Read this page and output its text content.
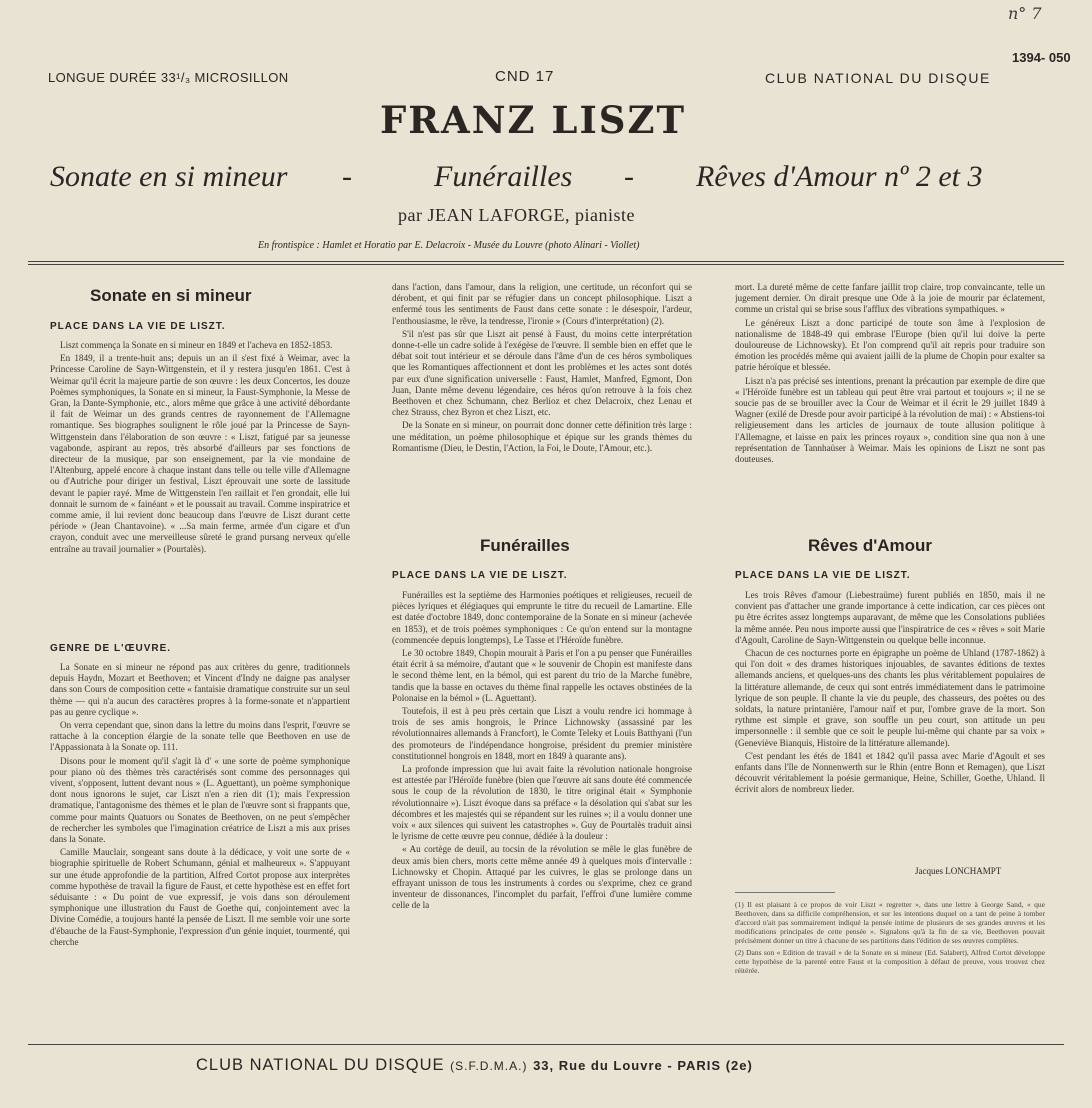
n° 7
1394- 050
LONGUE DURÉE 33¹/₃ MICROSILLON	CND 17	CLUB NATIONAL DU DISQUE
FRANZ LISZT
Sonate en si mineur -	Funérailles - Rêves d'Amour nº 2 et 3
par JEAN LAFORGE, pianiste
En frontispice : Hamlet et Horatio par E. Delacroix - Musée du Louvre (photo Alinari - Viollet)
Sonate en si mineur
PLACE DANS LA VIE DE LISZT.

Liszt commença la Sonate en si mineur en 1849 et l'acheva en 1852-1853.

En 1849, il a trente-huit ans; depuis un an il s'est fixé à Weimar, avec la Princesse Caroline de Sayn-Wittgenstein, et il y restera jusqu'en 1861. C'est à Weimar qu'il écrit la majeure partie de son œuvre : les deux Concertos, les douze Poèmes symphoniques, la Sonate en si mineur, la Faust-Symphonie, la Messe de Gran, la Dante-Symphonie, etc., alors même que grâce à une activité débordante il fait de Weimar un des grands centres de rayonnement de l'Allemagne romantique. Ses biographes soulignent le rôle joué par la Princesse de Sayn-Wittgenstein dans l'élaboration de son œuvre : « Liszt, fatigué par sa jeunesse vagabonde, aspirant au repos, très absorbé d'ailleurs par ses fonctions de directeur de la musique, par son enseignement, par la vie mondaine de l'Altenburg, appelé encore à chaque instant dans telle ou telle ville d'Allemagne ou d'Autriche pour diriger un festival, Liszt éprouvait une sorte de lassitude devant le papier rayé. Mme de Wittgenstein l'en raillait et l'en grondait, elle lui donnait le surnom de « fainéant » et le poussait au travail. Comme inspiratrice et comme amie, il lui revient donc beaucoup dans l'œuvre de Liszt durant cette période » (Jean Chantavoine). « ...Sa main ferme, armée d'un cigare et d'un crayon, conduit avec une merveilleuse sûreté le grand pursang nerveux qu'elle entraîne au travail journalier » (Pourtalès).

GENRE DE L'ŒUVRE.

La Sonate en si mineur ne répond pas aux critères du genre, traditionnels depuis Haydn, Mozart et Beethoven; et Vincent d'Indy ne daigne pas analyser dans son Cours de composition cette « fantaisie dramatique construite sur un seul thème — qui n'a aucun des caractères propres à la forme-sonate et n'appartient pas au genre cyclique ».

On verra cependant que, sinon dans la lettre du moins dans l'esprit, l'œuvre se rattache à la conception élargie de la sonate telle que Beethoven en use de l'Appassionata à la Sonate op. 111.

Disons pour le moment qu'il s'agit là d' « une sorte de poème symphonique pour piano où des thèmes très caractérisés sont comme des personnages qui vivent, s'opposent, luttent devant nous » (L. Aguettant), un poème symphonique dont nous ignorons le sujet, car Liszt n'en a rien dit (1); mais l'expression dramatique, l'antagonisme des thèmes et le plan de l'œuvre sont si frappants que, comme pour maints Quatuors ou Sonates de Beethoven, on ne peut s'empêcher de rechercher les symboles que l'imagination créatrice de Liszt a mis aux prises dans la Sonate.

Camille Mauclair, songeant sans doute à la dédicace, y voit une sorte de « biographie spirituelle de Robert Schumann, génial et malheureux ». S'appuyant sur une étude approfondie de la partition, Alfred Cortot propose aux interprètes comme hypothèse de travail la figure de Faust, et cette hypothèse est en effet fort séduisante : « Du point de vue expressif, je vois dans son déroulement symphonique une illustration du Faust de Goethe qui, conjointement avec la Divine Comédie, a toujours hanté la pensée de Liszt. Il me semble voir une sorte d'ébauche de la Faust-Symphonie, l'expression d'un génie inquiet, tourmenté, qui cherche

dans l'action, dans l'amour, dans la religion, une certitude, un réconfort qui se dérobent, et qui finit par se réfugier dans un concept philosophique. Liszt a enfermé tous les sentiments de Faust dans cette sonate : le désespoir, l'ardeur, l'enthousiasme, le rêve, la tendresse, l'ironie » (Cours d'interprétation) (2).

S'il n'est pas sûr que Liszt ait pensé à Faust, du moins cette interprétation donne-t-elle un cadre solide à l'exégèse de l'œuvre. Il semble bien en effet que le débat soit tout intérieur et se déroule dans l'âme d'un de ces héros symboliques que les Romantiques affectionnent et dont les problèmes et les actes sont dotés par eux d'une signification universelle : Faust, Hamlet, Manfred, Egmont, Don Juan, Dante même devenu légendaire, ces héros qu'on retrouve à la fois chez Beethoven et chez Schumann, chez Berlioz et chez Delacroix, chez Lenau et chez Strauss, chez Byron et chez Liszt, etc.

De la Sonate en si mineur, on pourrait donc donner cette définition très large : une méditation, un poème philosophique et épique sur les grands thèmes du Romantisme (Dieu, le Destin, l'Action, la Foi, le Doute, l'Amour, etc.).

Funérailles
PLACE DANS LA VIE DE LISZT.

Funérailles est la septième des Harmonies poétiques et religieuses, recueil de pièces lyriques et élégiaques qui emprunte le titre du recueil de Lamartine. Elle est datée d'octobre 1849, donc contemporaine de la Sonate en si mineur (achevée en 1853), et de trois poèmes symphoniques : Ce qu'on entend sur la montagne (commencée depuis longtemps), Le Tasse et l'Héroïde funèbre.

Le 30 octobre 1849, Chopin mourait à Paris et l'on a pu penser que Funérailles était écrit à sa mémoire, d'autant que « le souvenir de Chopin est manifeste dans le second thème lent, en la bémol, qui est parent du trio de la Marche funèbre, tandis que la basse en octaves du thème final rappelle les octaves obstinées de la Polonaise en la bémol » (L. Aguettant).

Toutefois, il est à peu près certain que Liszt a voulu rendre ici hommage à trois de ses amis hongrois, le Prince Lichnowsky (assassiné par les révolutionnaires allemands à Francfort), le Comte Teleky et Louis Batthyani (l'un des promoteurs de l'indépendance hongroise, président du premier ministère constitutionnel hongrois en 1848, mort en 1849 à quarante ans).

La profonde impression que lui avait faite la révolution nationale hongroise est attestée par l'Héroïde funèbre (bien que l'œuvre ait sans doute été commencée sous le coup de la révolution de 1830, le titre original était « Symphonie révolutionnaire »). Liszt évoque dans sa préface « la désolation qui s'abat sur les décombres et les majestés qui se répandent sur les ruines »; il a voulu donner une voix « aux silences qui suivent les catastrophes ». Guy de Pourtalès traduit ainsi le lyrisme de cette œuvre peu connue, dédiée à la douleur :

« Au cortège de deuil, au tocsin de la révolution se mêle le glas funèbre de deux amis bien chers, morts cette même année 49 à quelques mois d'intervalle : Lichnowsky et Chopin. Attaqué par les cuivres, le glas se prolonge dans un effrayant unisson de tous les instruments à cordes ou s'exprime, chez ce grand inventeur de dissonances, l'incomplet du parfait, l'effroi d'une lumière comme celle de la

mort. La dureté même de cette fanfare jaillit trop claire, trop convaincante, telle un jugement dernier. On dirait presque une Ode à la joie de mourir par éclatement, comme un cristal qui se brise sous l'afflux des vibrations sympathiques. »

Le généreux Liszt a donc participé de toute son âme à l'explosion de nationalisme de 1848-49 qui embrase l'Europe (bien qu'il lui doive la perte douloureuse de Lichnowsky). Et l'on comprend qu'il ait repris pour traduire son émotion les procédés même qui avaient jailli de la plume de Chopin pour exalter sa patrie héroïque et blessée.

Liszt n'a pas précisé ses intentions, prenant la précaution par exemple de dire que « l'Héroïde funèbre est un tableau qui peut être vrai partout et toujours »; il ne se soucie pas de se brouiller avec la Cour de Weimar et il écrit le 29 juillet 1849 à Wagner (exilé de Dresde pour avoir participé à la révolution de mai) : « Abstiens-toi religieusement dans les articles de journaux de toute allusion politique à l'Allemagne, et laisse en paix les princes royaux », condition sine qua non à une représentation de Tannhaüser à Weimar. Mais les opinions de Liszt ne sont pas douteuses.

Rêves d'Amour
PLACE DANS LA VIE DE LISZT.

Les trois Rêves d'amour (Liebestraüme) furent publiés en 1850, mais il ne convient pas d'attacher une grande importance à cette indication, car ces pièces ont pu être écrites assez longtemps auparavant, de même que les Consolations publiées la même année. Peu nous importe aussi que l'inspiratrice de ces « rêves » soit Marie d'Agoult, Caroline de Sayn-Wittgenstein ou quelque belle inconnue.

Chacun de ces nocturnes porte en épigraphe un poème de Uhland (1787-1862) à qui l'on doit « des drames historiques injouables, de savantes éditions de textes allemands anciens, et quelques-uns des chants les plus véritablement populaires de la littérature allemande, de ceux qui sont entrés immédiatement dans le patrimoine lyrique de son peuple. Il chante la vie du peuple, des chasseurs, des poètes ou des soldats, la nature printanière, l'amour naïf et pur, l'ombre grave de la mort. Son rythme est simple et grave, son souffle un peu court, son attitude un peu impersonnelle : il semble que ce soit le peuple lui-même qui chante par sa voix » (Geneviève Bianquis, Histoire de la littérature allemande).

C'est pendant les étés de 1841 et 1842 qu'il passa avec Marie d'Agoult et ses enfants dans l'île de Nonnenwerth sur le Rhin (entre Bonn et Remagen), que Liszt découvrit véritablement la poésie germanique, Heine, Schiller, Goethe, Uhland. Il écrivit alors de nombreux lieder.

Jacques LONCHAMPT

(1) Il est plaisant à ce propos de voir Liszt « regretter », dans une lettre à George Sand, « que Beethoven, dans sa difficile compréhension, et sur les intentions duquel on a tant de peine à tomber d'accord n'ait pas sommairement indiqué la pensée intime de plusieurs de ses grandes œuvres et les modifications principales de cette pensée ». Signalons qu'à la fin de sa vie, Beethoven pouvait précisément donner un titre à chacune de ses partitions dans l'édition de ses œuvres complètes.

(2) Dans son « Edition de travail » de la Sonate en si mineur (Ed. Salabert), Alfred Cortot développe cette hypothèse de la parenté entre Faust et la composition à défaut de preuve, vous trouvez chez réitérée.

CLUB NATIONAL DU DISQUE (S.F.D.M.A.) 33, Rue du Louvre - PARIS (2e)
